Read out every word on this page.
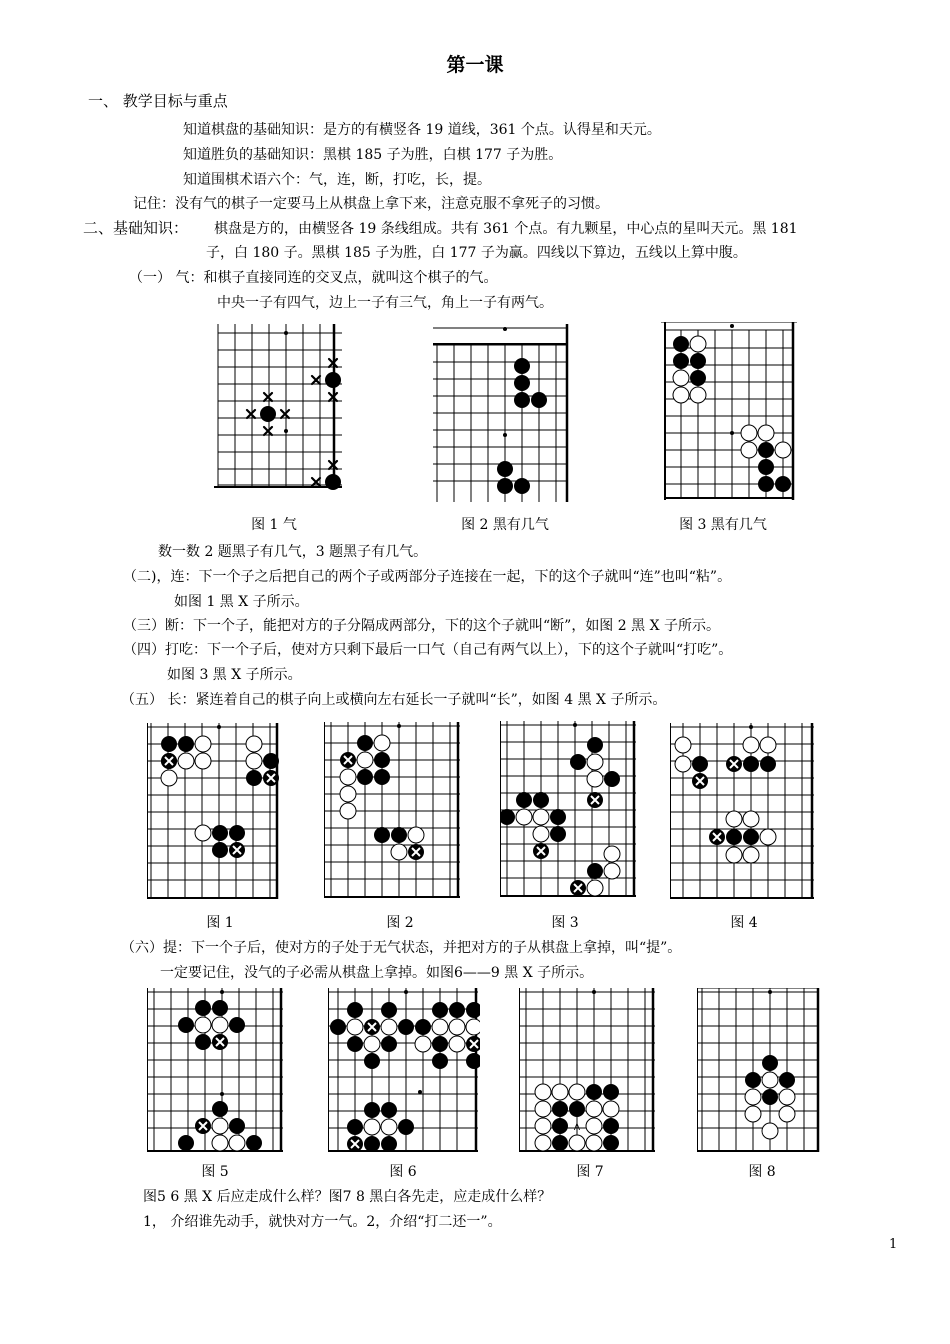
第一课
一、 教学目标与重点
知道棋盘的基础知识：是方的有横竖各 19 道线，361 个点。认得星和天元。
知道胜负的基础知识：黑棋 185 子为胜，白棋 177 子为胜。
知道围棋术语六个：气，连，断，打吃，长，提。
记住：没有气的棋子一定要马上从棋盘上拿下来，注意克服不拿死子的习惯。
二、基础知识： 棋盘是方的，由横竖各 19 条线组成。共有 361 个点。有九颗星，中心点的星叫天元。黑 181
子，白 180 子。黑棋 185 子为胜，白 177 子为赢。四线以下算边，五线以上算中腹。
（一） 气：和棋子直接同连的交叉点，就叫这个棋子的气。
中央一子有四气，边上一子有三气，角上一子有两气。
图 1 气	图 2 黑有几气	图 3 黑有几气
数一数 2 题黑子有几气，3 题黑子有几气。
（二)，连：下一个子之后把自己的两个子或两部分子连接在一起，下的这个子就叫“连”也叫“粘”。
如图 1 黑 X 子所示。
（三）断：下一个子，能把对方的子分隔成两部分，下的这个子就叫“断”，如图 2 黑 X 子所示。
（四）打吃：下一个子后，使对方只剩下最后一口气（自己有两气以上），下的这个子就叫“打吃”。
如图 3 黑 X 子所示。
（五） 长：紧连着自己的棋子向上或横向左右延长一子就叫“长”，如图 4 黑 X 子所示。
图 1	图 2	图 3	图 4
（六）提：下一个子后，使对方的子处于无气状态，并把对方的子从棋盘上拿掉，叫“提”。
一定要记住，没气的子必需从棋盘上拿掉。如图6——9 黑 X 子所示。
A
图 5	图 6	图 7	图 8
图5 6 黑 X 后应走成什么样？图7 8 黑白各先走，应走成什么样？
1， 介绍谁先动手，就快对方一气。2，介绍“打二还一”。
1
